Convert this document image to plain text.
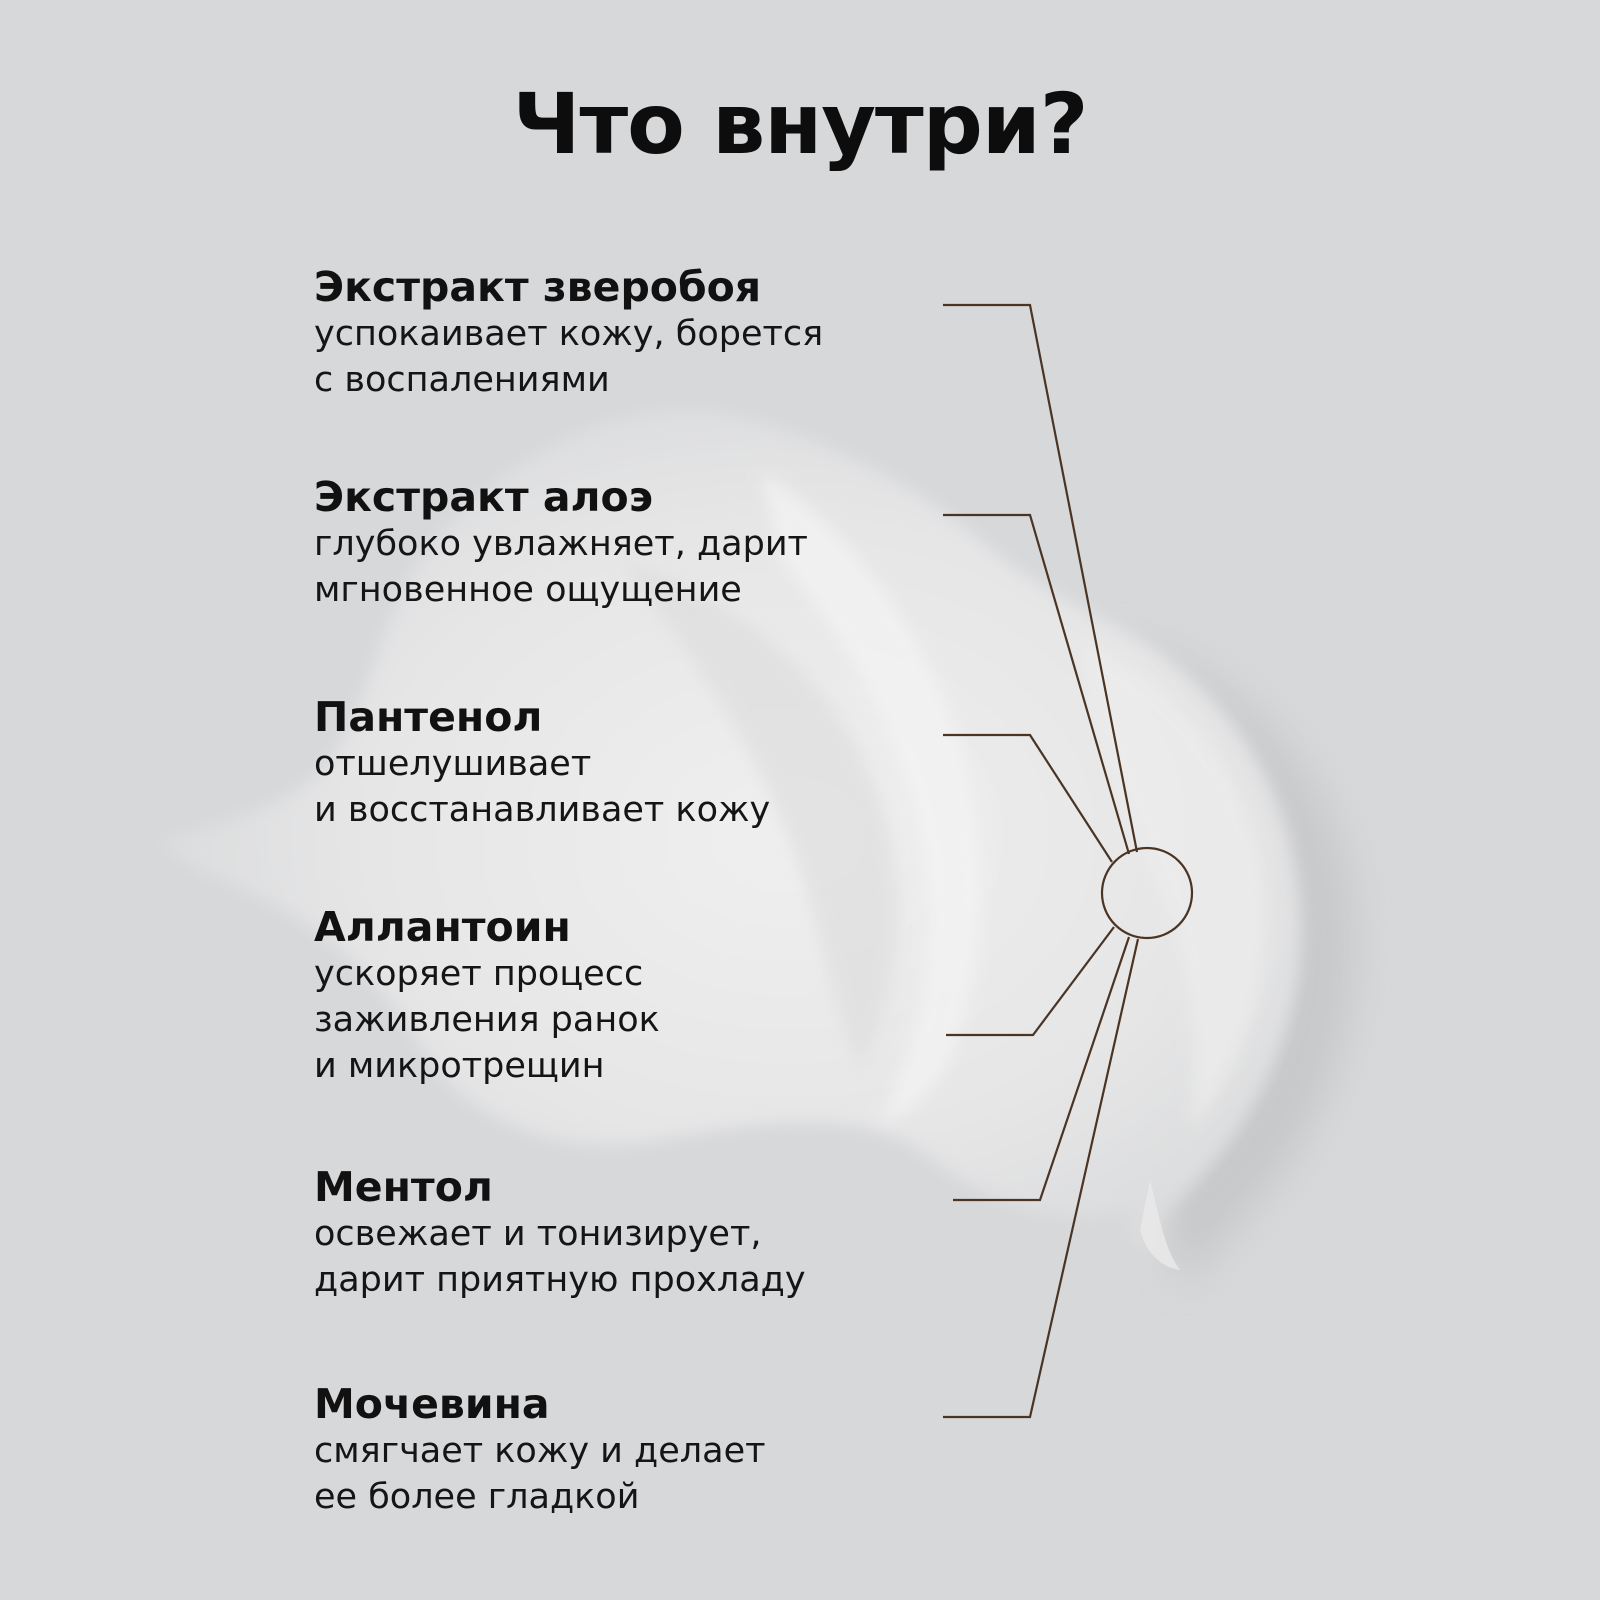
Что внутри?

Экстракт зверобоя

успокаивает кожу, борется
с воспалениями

Экстракт алоэ

глубоко увлажняет, дарит
мгновенное ощущение

Пантенол

отшелушивает
и восстанавливает кожу

Аллантоин

ускоряет процесс
заживления ранок
и микротрещин

Ментол

освежает и тонизирует,
дарит приятную прохладу

Мочевина

смягчает кожу и делает
ее более гладкой
